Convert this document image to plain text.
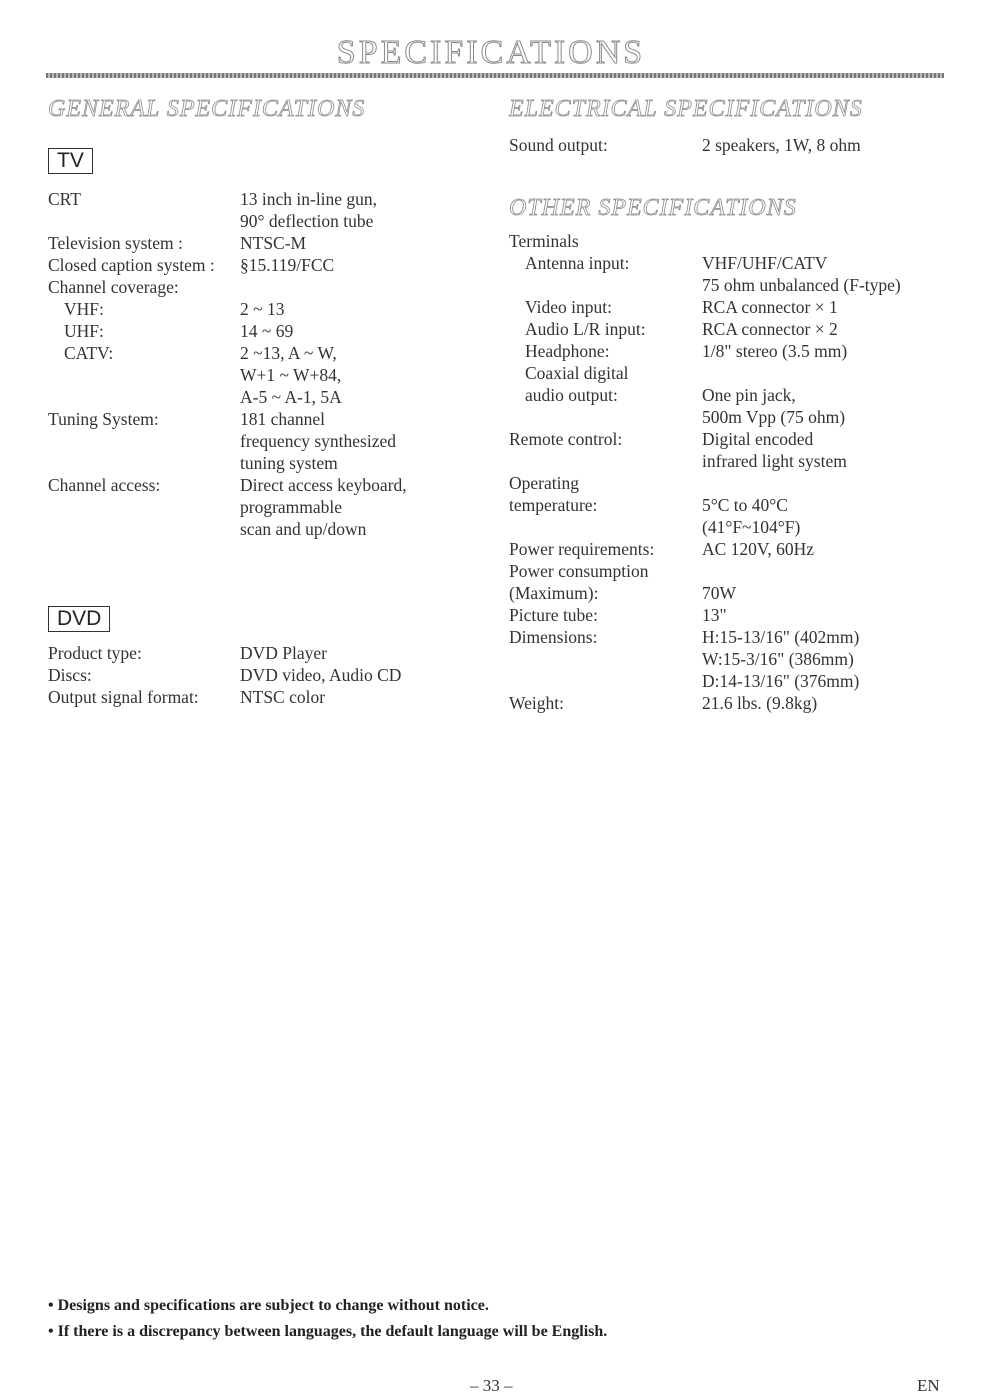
SPECIFICATIONS
GENERAL SPECIFICATIONS
TV
CRT	13 inch in-line gun,
90° deflection tube
Television system :	NTSC-M
Closed caption system : §15.119/FCC
Channel coverage:
VHF:	2 ~ 13
UHF:	14 ~ 69
CATV:	2 ~13, A ~ W,
W+1 ~ W+84,
A-5 ~ A-1, 5A
Tuning System:	181 channel
frequency synthesized
tuning system
Channel access:	Direct access keyboard,
programmable
scan and up/down
DVD
Product type:	DVD Player
Discs:	DVD video, Audio CD
Output signal format: NTSC color
ELECTRICAL SPECIFICATIONS
Sound output:	2 speakers, 1W, 8 ohm
OTHER SPECIFICATIONS
Terminals
Antenna input:	VHF/UHF/CATV
75 ohm unbalanced (F-type)
Video input:	RCA connector × 1
Audio L/R input:	RCA connector × 2
Headphone:	1/8" stereo (3.5 mm)
Coaxial digital
audio output:	One pin jack,
500m Vpp (75 ohm)
Remote control:	Digital encoded
infrared light system
Operating
temperature:	5°C to 40°C
(41°F~104°F)
Power requirements:	AC 120V, 60Hz
Power consumption
(Maximum):	70W
Picture tube:	13"
Dimensions:	H:15-13/16" (402mm)
W:15-3/16" (386mm)
D:14-13/16" (376mm)
Weight:	21.6 lbs. (9.8kg)
• Designs and specifications are subject to change without notice.
• If there is a discrepancy between languages, the default language will be English.
– 33 –	EN
